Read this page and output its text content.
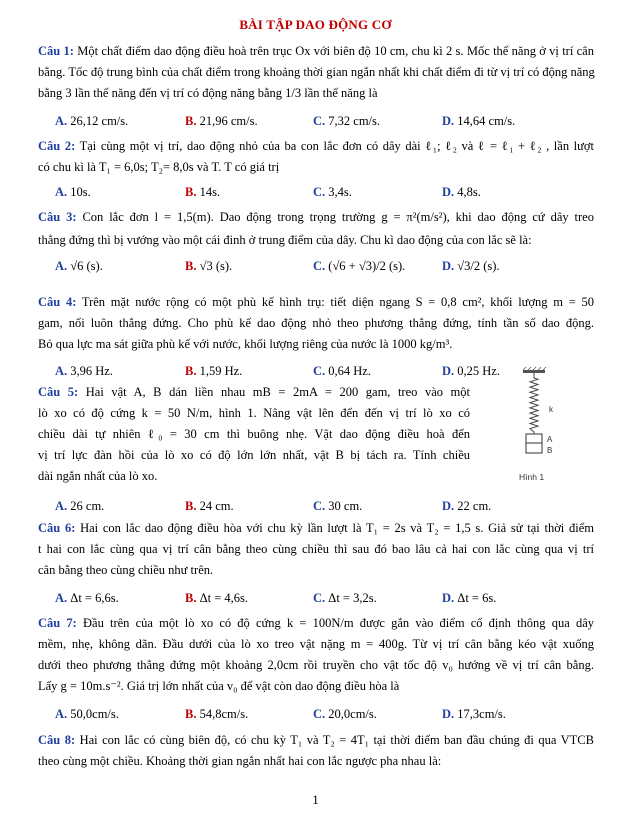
BÀI TẬP DAO ĐỘNG CƠ
Câu 1: Một chất điểm dao động điều hoà trên trục Ox với biên độ 10 cm, chu kì 2 s. Mốc thế năng ở vị trí cân
bằng. Tốc độ trung bình của chất điểm trong khoảng thời gian ngắn nhất khi chất điểm đi từ vị trí có động năng
bằng 3 lần thế năng đến vị trí có động năng bằng 1/3 lần thế năng là
A. 26,12 cm/s.	B. 21,96 cm/s.	C. 7,32 cm/s.	D. 14,64 cm/s.
Câu 2: Tại cùng một vị trí, dao động nhỏ của ba con lắc đơn có dây dài ℓ₁; ℓ₂ và ℓ = ℓ₁ + ℓ₂ , lần lượt
có chu kì là T₁ = 6,0s; T₂= 8,0s và T. T có giá trị
A. 10s.	B. 14s.	C. 3,4s.	D. 4,8s.
Câu 3: Con lắc đơn l = 1,5(m). Dao động trong trọng trường g = π²(m/s²), khi dao động cứ dây treo
thẳng đứng thì bị vướng vào một cái đinh ở trung điểm của dây. Chu kì dao động của con lắc sẽ là:
A. √6 (s).	B. √3 (s).	C. (√6 + √3)/2 (s).	D. √3/2 (s).
Câu 4: Trên mặt nước rộng có một phù kế hình trụ: tiết diện ngang S = 0,8 cm², khối lượng m = 50
gam, nổi luôn thẳng đứng. Cho phù kế dao động nhỏ theo phương thẳng đứng, tính tần số dao động.
Bỏ qua lực ma sát giữa phù kế với nước, khối lượng riêng của nước là 1000 kg/m³.
A. 3,96 Hz.	B. 1,59 Hz.	C. 0,64 Hz.	D. 0,25 Hz.
Câu 5: Hai vật A, B dán liền nhau mB = 2mA = 200 gam, treo vào một
lò xo có độ cứng k = 50 N/m, hình 1. Nâng vật lên đến đến vị trí lò xo có
chiều dài tự nhiên ℓ₀ = 30 cm thì buông nhẹ. Vật dao động điều hoà đến
vị trí lực đàn hồi của lò xo có độ lớn lớn nhất, vật B bị tách ra. Tính chiều
dài ngắn nhất của lò xo.
A. 26 cm.	B. 24 cm.	C. 30 cm.	D. 22 cm.
Câu 6: Hai con lắc dao động điều hòa với chu kỳ lần lượt là T₁ = 2s và T₂ = 1,5 s. Giả sử tại thời điểm
t hai con lắc cùng qua vị trí cân bằng theo cùng chiều thì sau đó bao lâu cả hai con lắc cùng qua vị trí
cân bằng theo cùng chiều như trên.
A. Δt = 6,6s.	B. Δt = 4,6s.	C. Δt = 3,2s.	D. Δt = 6s.
Câu 7: Đầu trên của một lò xo có độ cứng k = 100N/m được gắn vào điểm cố định thông qua dây
mềm, nhẹ, không dãn. Đầu dưới của lò xo treo vật nặng m = 400g. Từ vị trí cân bằng kéo vật xuống
dưới theo phương thẳng đứng một khoảng 2,0cm rồi truyền cho vật tốc độ v₀ hướng về vị trí cân bằng.
Lấy g = 10m.s⁻². Giá trị lớn nhất của v₀ để vật còn dao động điều hòa là
A. 50,0cm/s.	B. 54,8cm/s.	C. 20,0cm/s.	D. 17,3cm/s.
Câu 8: Hai con lắc có cùng biên độ, có chu kỳ T₁ và T₂ = 4T₁ tại thời điểm ban đầu chúng đi qua VTCB
theo cùng một chiều. Khoảng thời gian ngắn nhất hai con lắc ngược pha nhau là:
k
A
B
Hình 1
1
